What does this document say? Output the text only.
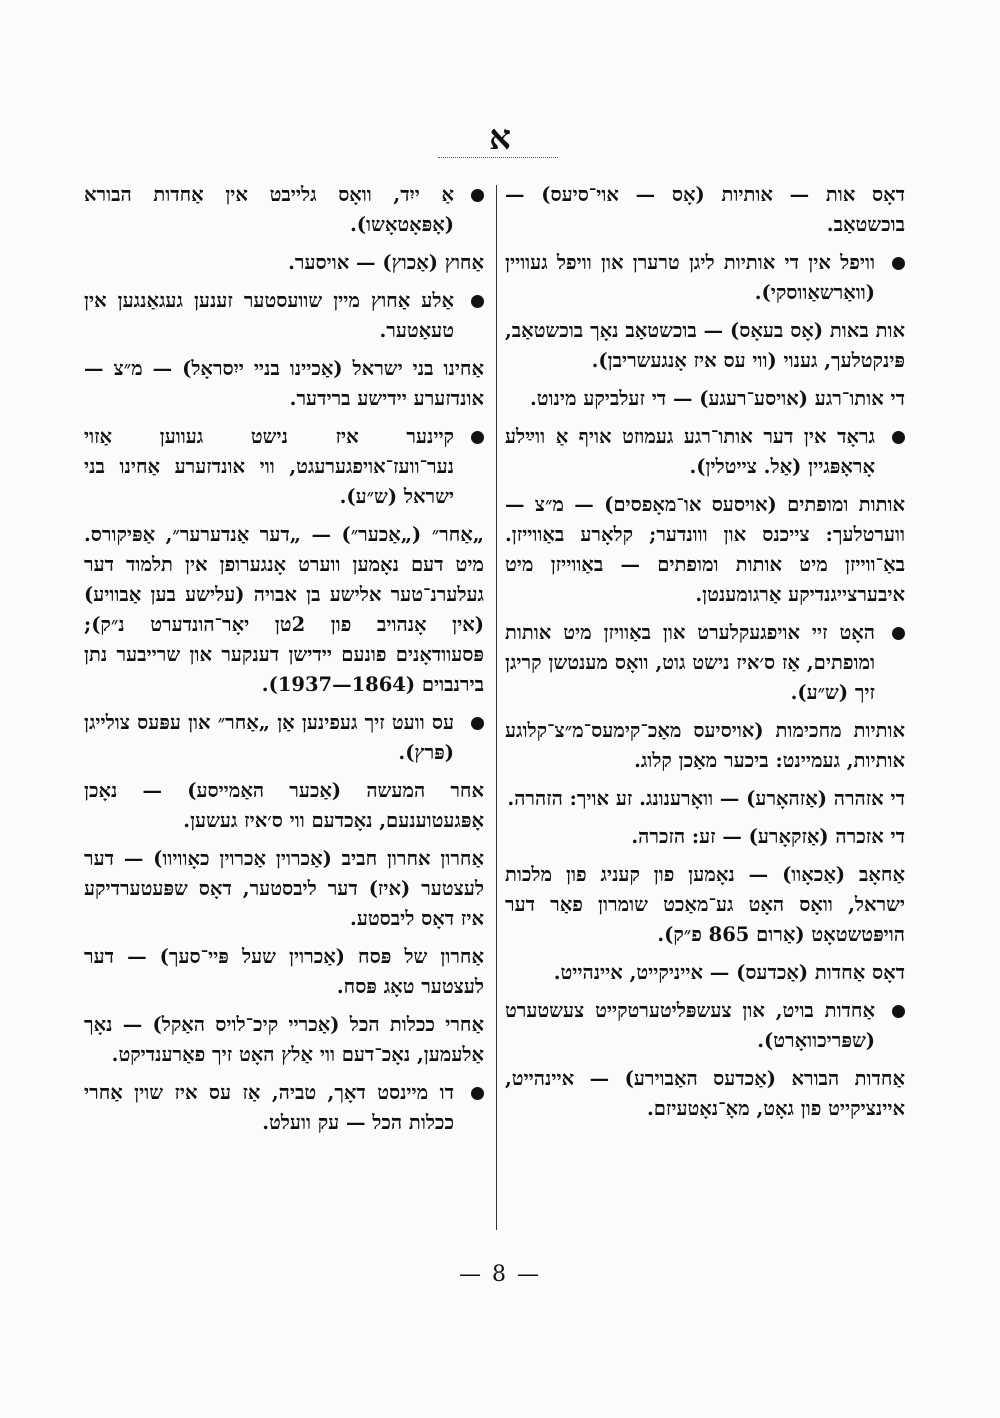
א
דאָס אות — אותיות (אָס — אוי־סיעס) — בוכשטאַב.
וויפל אין די אותיות ליגן טרערן און וויפל געוויין (וואַרשאַווסקי).
אות באות (אָס בעאָס) — בוכשטאַב נאָך בוכשטאַב, פּינקטלעך, גענוי (ווי עס איז אָנגעשריבן).
די אותו־רגע (אויסע־רעגע) — די זעלביקע מינוט.
גראָד אין דער אותו־רגע געמוזט אויף אַ ווײַלע אָראָפּגיין (אַל. צייטלין).
אותות ומופתים (אויסעס או־מאָפסים) — מ״צ — ווערטלעך: צייכנס און ווונדער; קלאָרע באַווייזן. באַ־ווייזן מיט אותות ומופתים — באַווייזן מיט איבערצייגנדיקע אַרגומענטן.
האָט זיי אויפגעקלערט און באַוויזן מיט אותות ומופתים, אַז ס׳איז נישט גוט, וואָס מענטשן קריגן זיך (ש״ע).
אותיות מחכימות (אויסיעס מאַכ־קימעס־מ״צ־קלוגע אותיות, געמיינט: ביכער מאַכן קלוג.
די אזהרה (אַזהאָרע) — וואָרענונג. זע אויך: הזהרה.
די אזכרה (אַזקאָרע) — זע: הזכרה.
אַחאָב (אַכאָוו) — נאָמען פון קעניג פון מלכות ישראל, וואָס האָט גע־מאַכט שומרון פאַר דער הויפּטשטאָט (אַרום 865 פ״ק).
דאָס אַחדות (אַכדעס) — אייניקייט, איינהייט.
אַחדות בויט, און צעשפּליטערטקייט צעשטערט (שפּריכוואָרט).
אַחדות הבורא (אַכדעס האַבוירע) — איינהייט, איינציקייט פון גאָט, מאָ־נאָטעיזם.
אַ ייִד, וואָס גלייבט אין אַחדות הבורא (אָפּאָטאָשו).
אַחוץ (אַכוץ) — אויסער.
אַלע אַחוץ מיין שוועסטער זענען געגאַנגען אין טעאַטער.
אַחינו בני ישראל (אַכיינו בניי ייִסראָל) — מ״צ — אונדזערע יידישע ברידער.
קיינער איז נישט געווען אַזוי נער־וועז־אויפגערעגט, ווי אונדזערע אַחינו בני ישראל (ש״ע).
„אַחר״ („אַכער״) — „דער אַנדערער״, אַפּיקורס. מיט דעם נאָמען ווערט אָנגערופן אין תלמוד דער געלערנ־טער אלישע בן אבויה (עלישע בען אַבוויע) (אין אָנהויב פון 2טן יאָר־הונדערט נ״ק); פּסעוודאָנים פונעם יידישן דענקער און שרייבער נתן בירנבוים (1864—1937).
עס וועט זיך געפינען אַן „אַחר״ און עפּעס צולייגן (פּרץ).
אחר המעשה (אַכער האַמייסע) — נאָכן אָפּגעטוענעם, נאָכדעם ווי ס׳איז געשען.
אַחרון אחרון חביב (אַכרוין אַכרוין כאָוויוו) — דער לעצטער (איז) דער ליבסטער, דאָס שפּעטערדיקע איז דאָס ליבסטע.
אַחרון של פּסח (אַכרוין שעל פּיי־סעך) — דער לעצטער טאָג פּסח.
אַחרי ככלות הכל (אַכריי קיכ־לויס האַקל) — נאָך אַלעמען, נאָכ־דעם ווי אַלץ האָט זיך פאַרענדיקט.
דו מיינסט דאָך, טביה, אַז עס איז שוין אַחרי ככלות הכל — עק וועלט.
— 8 —
